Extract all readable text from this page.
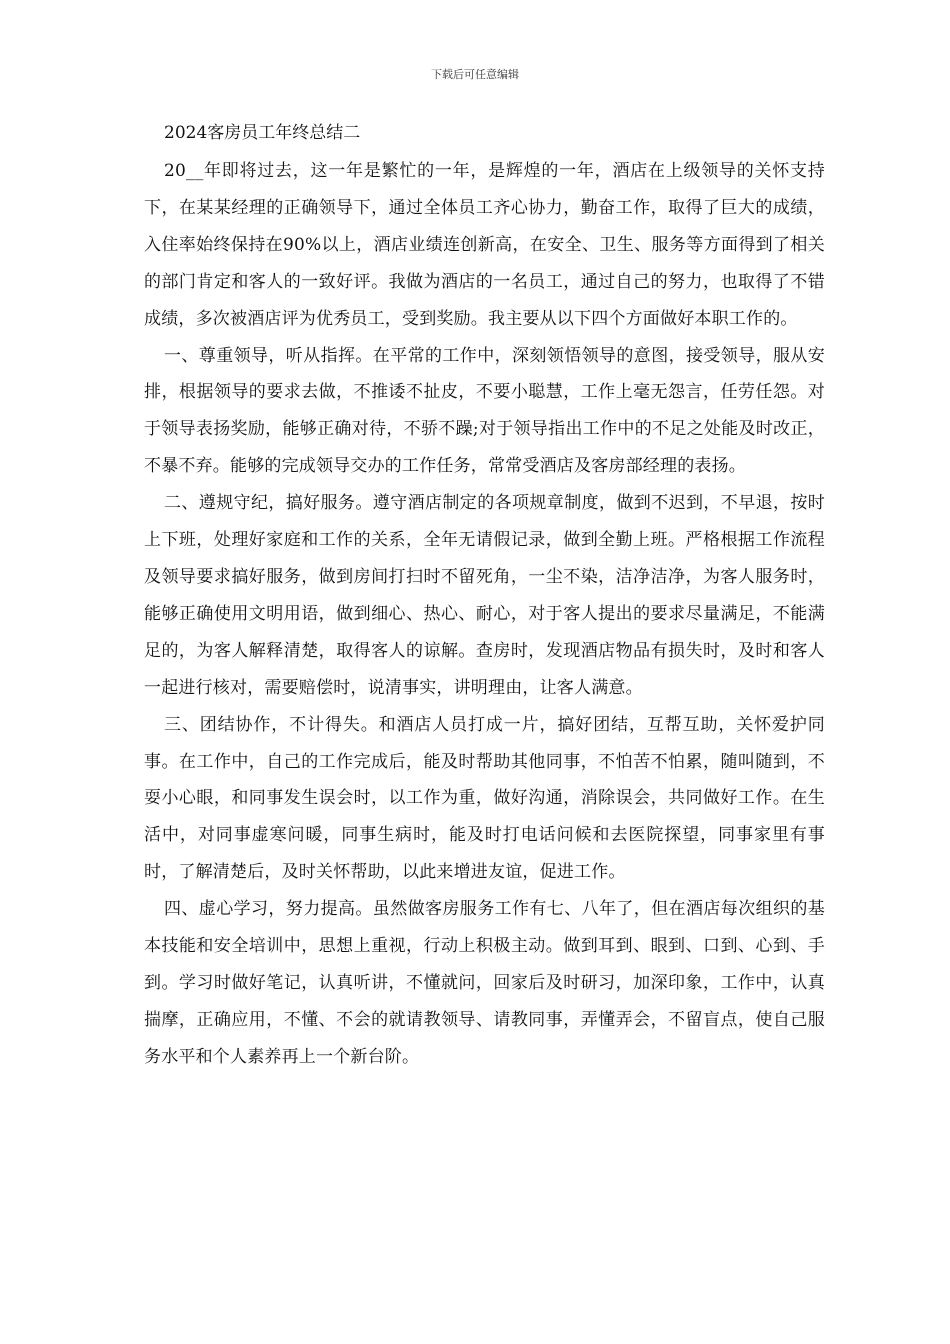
下载后可任意编辑
2024客房员工年终总结二

20__年即将过去，这一年是繁忙的一年，是辉煌的一年，酒店在上级领导的关怀支持下，在某某经理的正确领导下，通过全体员工齐心协力，勤奋工作，取得了巨大的成绩，入住率始终保持在90%以上，酒店业绩连创新高，在安全、卫生、服务等方面得到了相关的部门肯定和客人的一致好评。我做为酒店的一名员工，通过自己的努力，也取得了不错成绩，多次被酒店评为优秀员工，受到奖励。我主要从以下四个方面做好本职工作的。

一、尊重领导，听从指挥。在平常的工作中，深刻领悟领导的意图，接受领导，服从安排，根据领导的要求去做，不推诿不扯皮，不要小聪慧，工作上毫无怨言，任劳任怨。对于领导表扬奖励，能够正确对待，不骄不躁;对于领导指出工作中的不足之处能及时改正，不暴不弃。能够的完成领导交办的工作任务，常常受酒店及客房部经理的表扬。

二、遵规守纪，搞好服务。遵守酒店制定的各项规章制度，做到不迟到，不早退，按时上下班，处理好家庭和工作的关系，全年无请假记录，做到全勤上班。严格根据工作流程及领导要求搞好服务，做到房间打扫时不留死角，一尘不染，洁净洁净，为客人服务时，能够正确使用文明用语，做到细心、热心、耐心，对于客人提出的要求尽量满足，不能满足的，为客人解释清楚，取得客人的谅解。查房时，发现酒店物品有损失时，及时和客人一起进行核对，需要赔偿时，说清事实，讲明理由，让客人满意。

三、团结协作，不计得失。和酒店人员打成一片，搞好团结，互帮互助，关怀爱护同事。在工作中，自己的工作完成后，能及时帮助其他同事，不怕苦不怕累，随叫随到，不耍小心眼，和同事发生误会时，以工作为重，做好沟通，消除误会，共同做好工作。在生活中，对同事虚寒问暖，同事生病时，能及时打电话问候和去医院探望，同事家里有事时，了解清楚后，及时关怀帮助，以此来增进友谊，促进工作。

四、虚心学习，努力提高。虽然做客房服务工作有七、八年了，但在酒店每次组织的基本技能和安全培训中，思想上重视，行动上积极主动。做到耳到、眼到、口到、心到、手到。学习时做好笔记，认真听讲，不懂就问，回家后及时研习，加深印象，工作中，认真揣摩，正确应用，不懂、不会的就请教领导、请教同事，弄懂弄会，不留盲点，使自己服务水平和个人素养再上一个新台阶。
